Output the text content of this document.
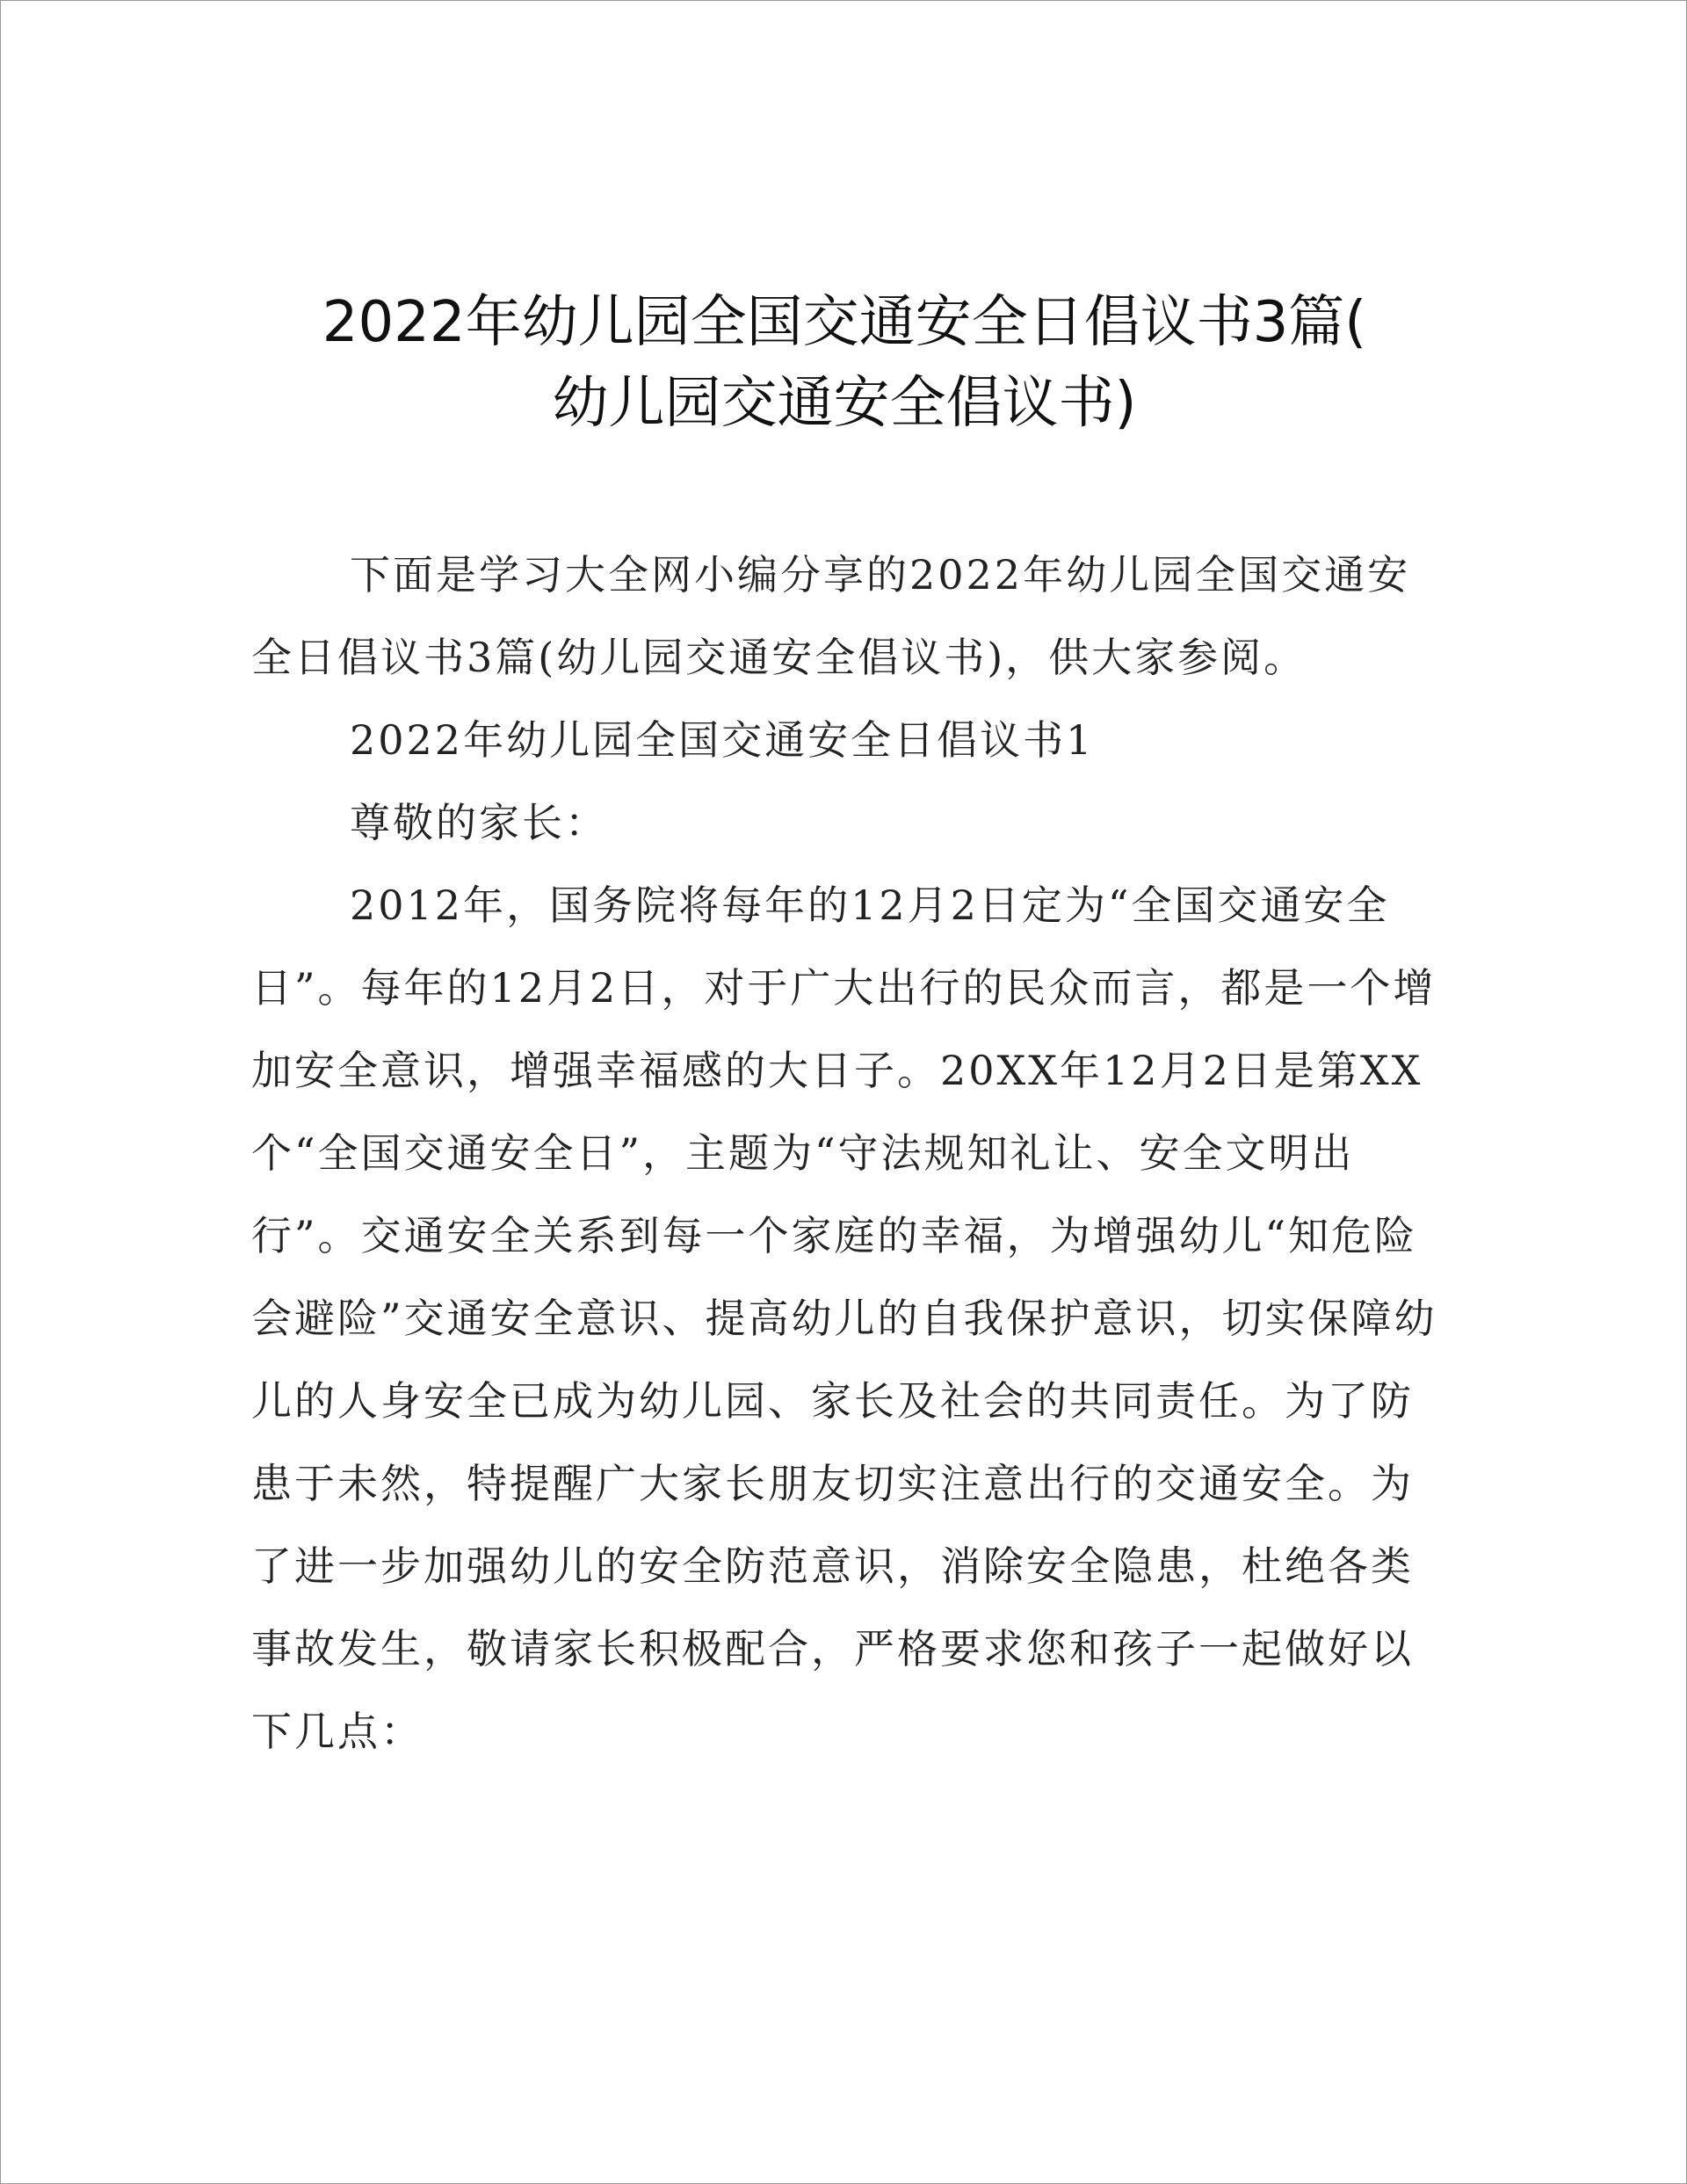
2022年幼儿园全国交通安全日倡议书3篇(
幼儿园交通安全倡议书)

下面是学习大全网小编分享的2022年幼儿园全国交通安全日倡议书3篇(幼儿园交通安全倡议书)，供大家参阅。

2022年幼儿园全国交通安全日倡议书1

尊敬的家长：

2012年，国务院将每年的12月2日定为“全国交通安全日”。每年的12月2日，对于广大出行的民众而言，都是一个增加安全意识，增强幸福感的大日子。20XX年12月2日是第XX个“全国交通安全日”，主题为“守法规知礼让、安全文明出行”。交通安全关系到每一个家庭的幸福，为增强幼儿“知危险会避险”交通安全意识、提高幼儿的自我保护意识，切实保障幼儿的人身安全已成为幼儿园、家长及社会的共同责任。为了防患于未然，特提醒广大家长朋友切实注意出行的交通安全。为了进一步加强幼儿的安全防范意识，消除安全隐患，杜绝各类事故发生，敬请家长积极配合，严格要求您和孩子一起做好以下几点：
